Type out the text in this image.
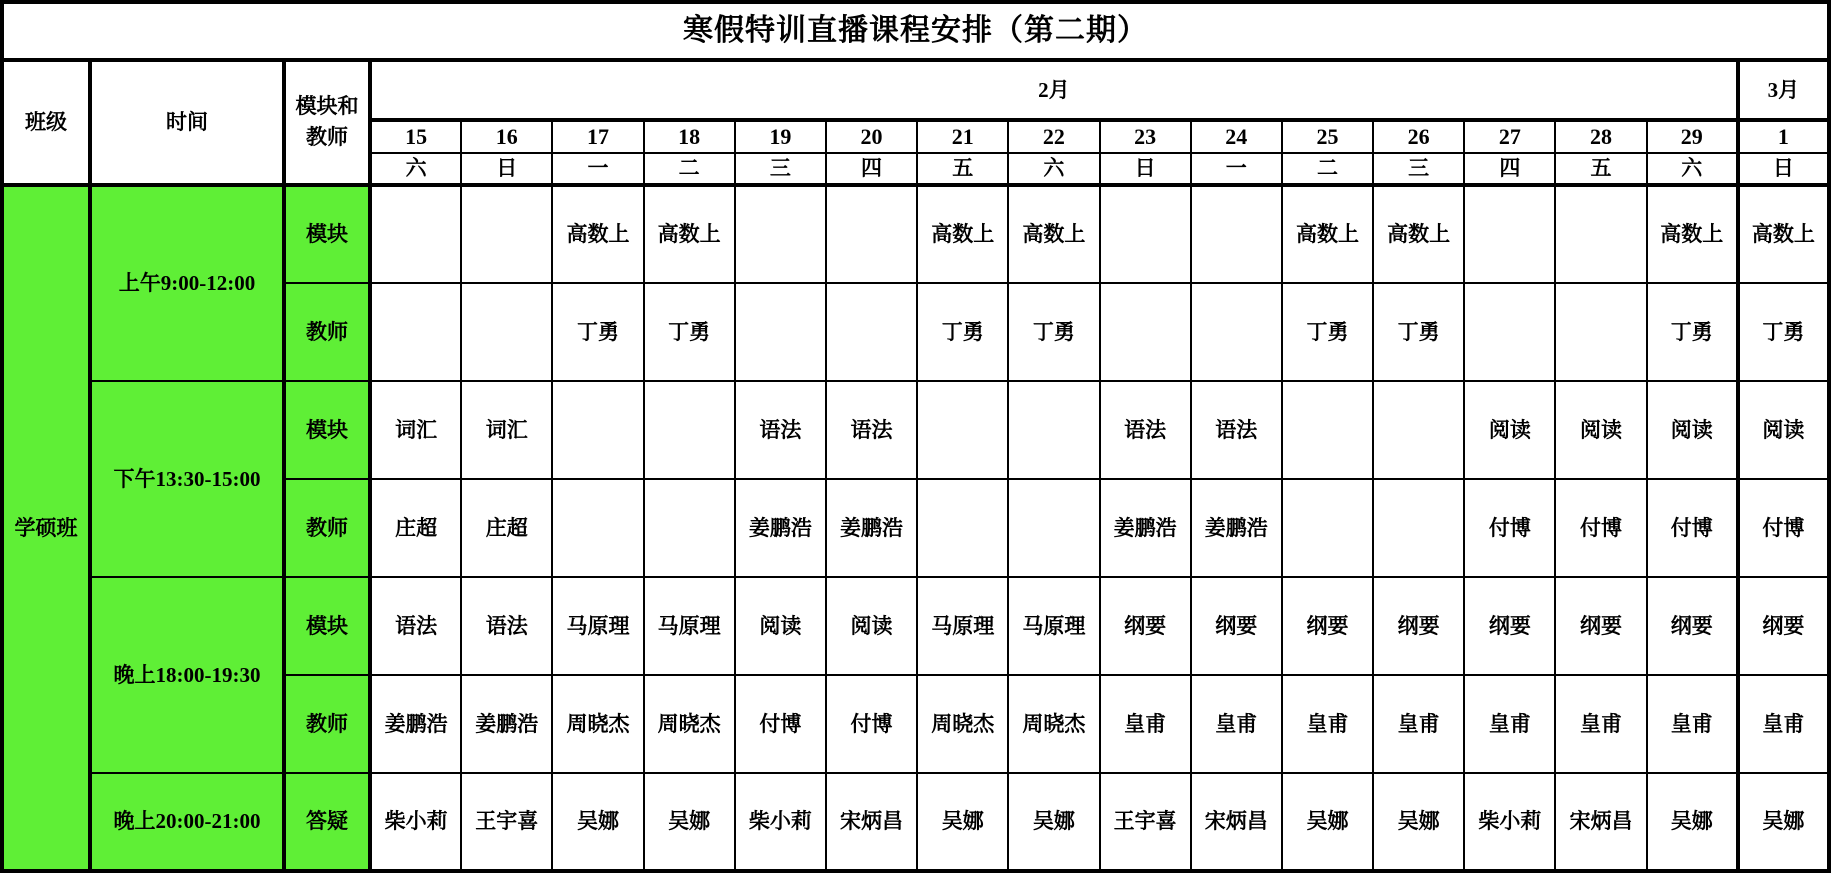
寒假特训直播课程安排（第二期）																		
班级	时间	模块和教师	2月															3月
			15	16	17	18	19	20	21	22	23	24	25	26	27	28	29	1
			六	日	一	二	三	四	五	六	日	一	二	三	四	五	六	日
学硕班	上午9:00-12:00	模块			高数上	高数上			高数上	高数上			高数上	高数上			高数上	高数上
		教师			丁勇	丁勇			丁勇	丁勇			丁勇	丁勇			丁勇	丁勇
	下午13:30-15:00	模块	词汇	词汇			语法	语法			语法	语法			阅读	阅读	阅读	阅读
		教师	庄超	庄超			姜鹏浩	姜鹏浩			姜鹏浩	姜鹏浩			付博	付博	付博	付博
	晚上18:00-19:30	模块	语法	语法	马原理	马原理	阅读	阅读	马原理	马原理	纲要	纲要	纲要	纲要	纲要	纲要	纲要	纲要
		教师	姜鹏浩	姜鹏浩	周晓杰	周晓杰	付博	付博	周晓杰	周晓杰	皇甫	皇甫	皇甫	皇甫	皇甫	皇甫	皇甫	皇甫
	晚上20:00-21:00	答疑	柴小莉	王宇喜	吴娜	吴娜	柴小莉	宋炳昌	吴娜	吴娜	王宇喜	宋炳昌	吴娜	吴娜	柴小莉	宋炳昌	吴娜	吴娜
